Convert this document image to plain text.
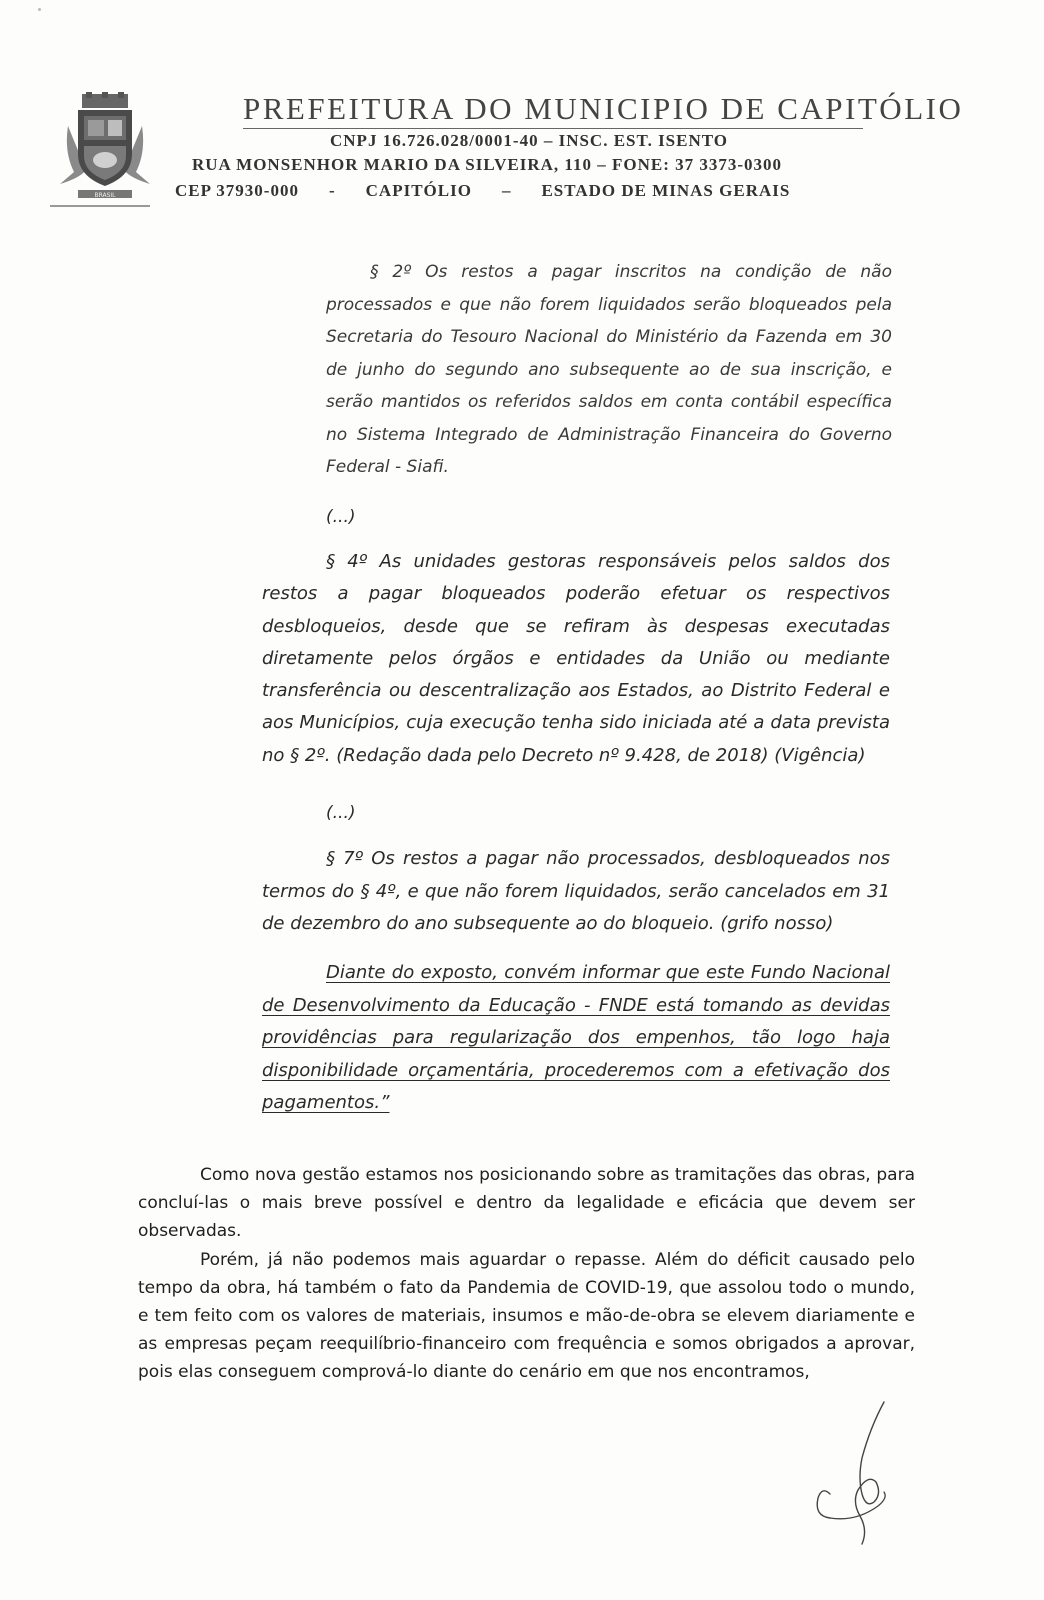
BRASIL
PREFEITURA DO MUNICIPIO DE CAPITÓLIO
CNPJ 16.726.028/0001-40 – INSC. EST. ISENTO
RUA MONSENHOR MARIO DA SILVEIRA, 110 – FONE: 37 3373-0300
CEP 37930-000 - CAPITÓLIO – ESTADO DE MINAS GERAIS
§ 2º Os restos a pagar inscritos na condição de não processados e que não forem liquidados serão bloqueados pela Secretaria do Tesouro Nacional do Ministério da Fazenda em 30 de junho do segundo ano subsequente ao de sua inscrição, e serão mantidos os referidos saldos em conta contábil específica no Sistema Integrado de Administração Financeira do Governo Federal - Siafi.
(...)
§ 4º As unidades gestoras responsáveis pelos saldos dos restos a pagar bloqueados poderão efetuar os respectivos desbloqueios, desde que se refiram às despesas executadas diretamente pelos órgãos e entidades da União ou mediante transferência ou descentralização aos Estados, ao Distrito Federal e aos Municípios, cuja execução tenha sido iniciada até a data prevista no § 2º. (Redação dada pelo Decreto nº 9.428, de 2018) (Vigência)
(...)
§ 7º Os restos a pagar não processados, desbloqueados nos termos do § 4º, e que não forem liquidados, serão cancelados em 31 de dezembro do ano subsequente ao do bloqueio. (grifo nosso)
Diante do exposto, convém informar que este Fundo Nacional de Desenvolvimento da Educação - FNDE está tomando as devidas providências para regularização dos empenhos, tão logo haja disponibilidade orçamentária, procederemos com a efetivação dos pagamentos.”
Como nova gestão estamos nos posicionando sobre as tramitações das obras, para concluí-las o mais breve possível e dentro da legalidade e eficácia que devem ser observadas.
Porém, já não podemos mais aguardar o repasse. Além do déficit causado pelo tempo da obra, há também o fato da Pandemia de COVID-19, que assolou todo o mundo, e tem feito com os valores de materiais, insumos e mão-de-obra se elevem diariamente e as empresas peçam reequilíbrio-financeiro com frequência e somos obrigados a aprovar, pois elas conseguem comprová-lo diante do cenário em que nos encontramos,
